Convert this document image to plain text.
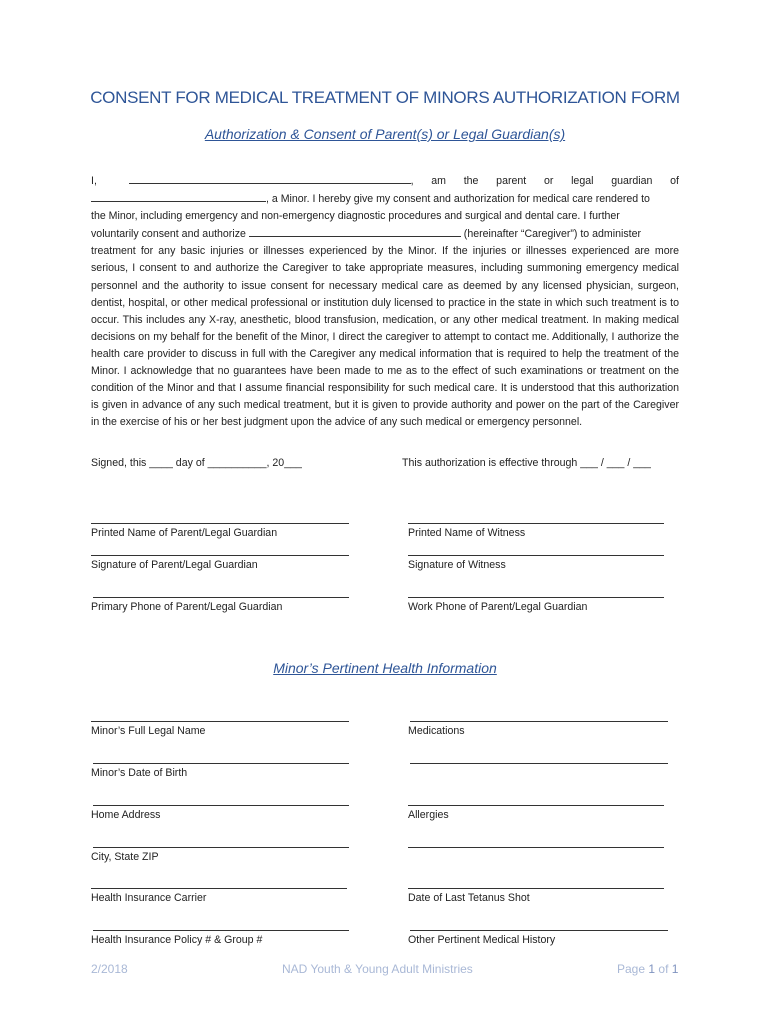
CONSENT FOR MEDICAL TREATMENT OF MINORS AUTHORIZATION FORM
Authorization & Consent of Parent(s) or Legal Guardian(s)
I,	, am the parent or legal guardian of
, a Minor. I hereby give my consent and authorization for medical care rendered to
the Minor, including emergency and non-emergency diagnostic procedures and surgical and dental care. I further
voluntarily consent and authorize	(hereinafter “Caregiver”) to administer
treatment for any basic injuries or illnesses experienced by the Minor. If the injuries or illnesses experienced are more serious, I consent to and authorize the Caregiver to take appropriate measures, including summoning emergency medical personnel and the authority to issue consent for necessary medical care as deemed by any licensed physician, surgeon, dentist, hospital, or other medical professional or institution duly licensed to practice in the state in which such treatment is to occur. This includes any X-ray, anesthetic, blood transfusion, medication, or any other medical treatment. In making medical decisions on my behalf for the benefit of the Minor, I direct the caregiver to attempt to contact me. Additionally, I authorize the health care provider to discuss in full with the Caregiver any medical information that is required to help the treatment of the Minor. I acknowledge that no guarantees have been made to me as to the effect of such examinations or treatment on the condition of the Minor and that I assume financial responsibility for such medical care. It is understood that this authorization is given in advance of any such medical treatment, but it is given to provide authority and power on the part of the Caregiver in the exercise of his or her best judgment upon the advice of any such medical or emergency personnel.
Signed, this ____ day of __________, 20___	This authorization is effective through ___ / ___ / ___
Printed Name of Parent/Legal Guardian	Printed Name of Witness
Signature of Parent/Legal Guardian	Signature of Witness
Primary Phone of Parent/Legal Guardian	Work Phone of Parent/Legal Guardian
Minor’s Pertinent Health Information
Minor’s Full Legal Name	Medications
Minor’s Date of Birth
Home Address	Allergies
City, State ZIP
Health Insurance Carrier	Date of Last Tetanus Shot
Health Insurance Policy # & Group #	Other Pertinent Medical History
2/2018	NAD Youth & Young Adult Ministries	Page 1 of 1
